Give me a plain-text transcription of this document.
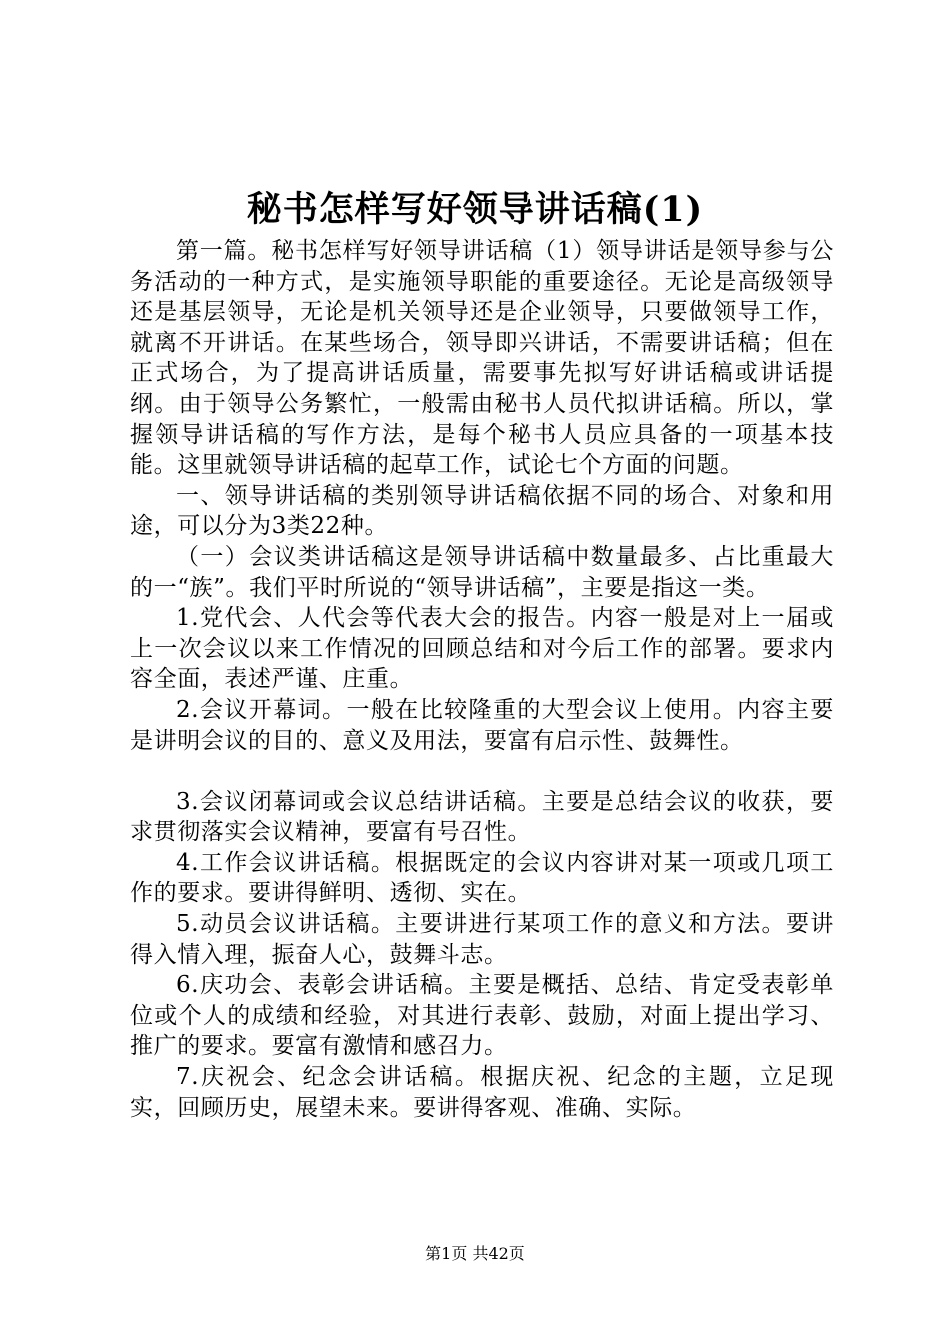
秘书怎样写好领导讲话稿(1)

第一篇。秘书怎样写好领导讲话稿（1）领导讲话是领导参与公务活动的一种方式，是实施领导职能的重要途径。无论是高级领导还是基层领导，无论是机关领导还是企业领导，只要做领导工作，就离不开讲话。在某些场合，领导即兴讲话，不需要讲话稿；但在正式场合，为了提高讲话质量，需要事先拟写好讲话稿或讲话提纲。由于领导公务繁忙，一般需由秘书人员代拟讲话稿。所以，掌握领导讲话稿的写作方法，是每个秘书人员应具备的一项基本技能。这里就领导讲话稿的起草工作，试论七个方面的问题。

一、领导讲话稿的类别领导讲话稿依据不同的场合、对象和用途，可以分为3类22种。

（一）会议类讲话稿这是领导讲话稿中数量最多、占比重最大的一“族”。我们平时所说的“领导讲话稿”，主要是指这一类。

1.党代会、人代会等代表大会的报告。内容一般是对上一届或上一次会议以来工作情况的回顾总结和对今后工作的部署。要求内容全面，表述严谨、庄重。

2.会议开幕词。一般在比较隆重的大型会议上使用。内容主要是讲明会议的目的、意义及用法，要富有启示性、鼓舞性。

3.会议闭幕词或会议总结讲话稿。主要是总结会议的收获，要求贯彻落实会议精神，要富有号召性。

4.工作会议讲话稿。根据既定的会议内容讲对某一项或几项工作的要求。要讲得鲜明、透彻、实在。

5.动员会议讲话稿。主要讲进行某项工作的意义和方法。要讲得入情入理，振奋人心，鼓舞斗志。

6.庆功会、表彰会讲话稿。主要是概括、总结、肯定受表彰单位或个人的成绩和经验，对其进行表彰、鼓励，对面上提出学习、推广的要求。要富有激情和感召力。

7.庆祝会、纪念会讲话稿。根据庆祝、纪念的主题，立足现实，回顾历史，展望未来。要讲得客观、准确、实际。

第1页 共42页
